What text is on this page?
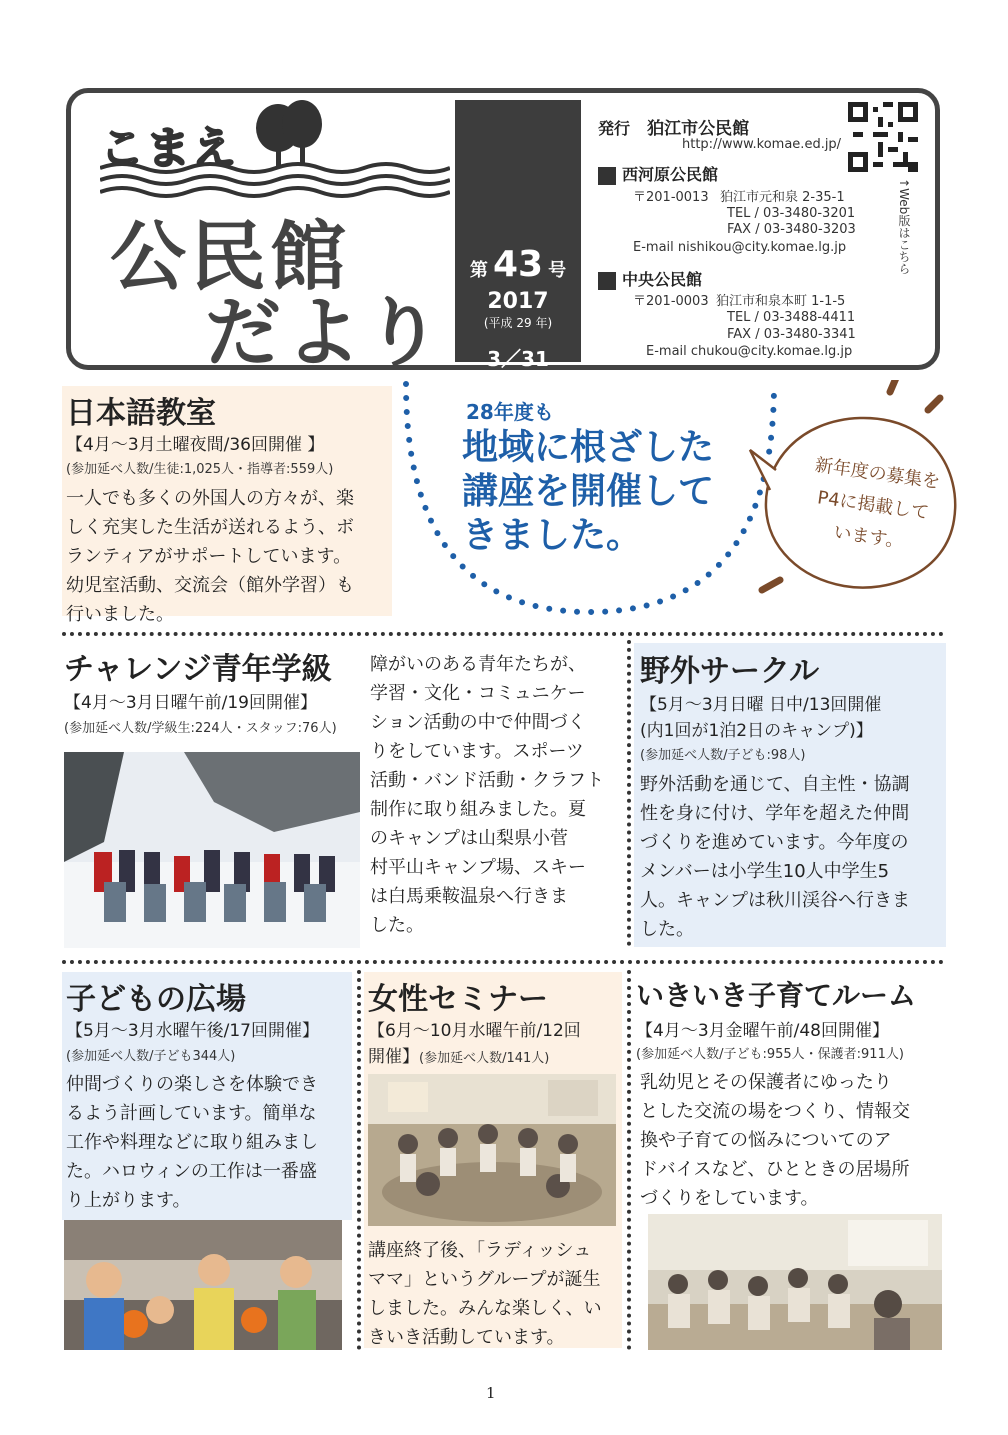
こまえ
公民館
だより
第 43 号
2017
(平成 29 年)
3／31
発行 狛江市公民館
http://www.komae.ed.jp/
西河原公民館
〒201-0013 狛江市元和泉 2-35-1
TEL / 03-3480-3201
FAX / 03-3480-3203
E-mail nishikou@city.komae.lg.jp
中央公民館
〒201-0003 狛江市和泉本町 1-1-5
TEL / 03-3488-4411
FAX / 03-3480-3341
E-mail chukou@city.komae.lg.jp
↑Web版はこちら
日本語教室
【4月～3月土曜夜間/36回開催 】
(参加延べ人数/生徒:1,025人・指導者:559人)
一人でも多くの外国人の方々が、楽
しく充実した生活が送れるよう、ボ
ランティアがサポートしています。
幼児室活動、交流会（館外学習）も
行いました。
28年度も
地域に根ざした
講座を開催して
きました。
新年度の募集を
P4に掲載して
います。
チャレンジ青年学級
【4月～3月日曜午前/19回開催】
(参加延べ人数/学級生:224人・スタッフ:76人)
障がいのある青年たちが、
学習・文化・コミュニケー
ション活動の中で仲間づく
りをしています。スポーツ
活動・バンド活動・クラフト
制作に取り組みました。夏
のキャンプは山梨県小菅
村平山キャンプ場、スキー
は白馬乗鞍温泉へ行きま
した。
野外サークル
【5月～3月日曜 日中/13回開催
(内1回が1泊2日のキャンプ)】
(参加延べ人数/子ども:98人)
野外活動を通じて、自主性・協調
性を身に付け、学年を超えた仲間
づくりを進めています。今年度の
メンバーは小学生10人中学生5
人。キャンプは秋川渓谷へ行きま
した。
子どもの広場
【5月～3月水曜午後/17回開催】
(参加延べ人数/子ども344人)
仲間づくりの楽しさを体験でき
るよう計画しています。簡単な
工作や料理などに取り組みまし
た。ハロウィンの工作は一番盛
り上がります。
女性セミナー
【6月～10月水曜午前/12回
開催】(参加延べ人数/141人)
講座終了後、「ラディッシュ
ママ」というグループが誕生
しました。みんな楽しく、い
きいき活動しています。
いきいき子育てルーム
【4月～3月金曜午前/48回開催】
(参加延べ人数/子ども:955人・保護者:911人)
乳幼児とその保護者にゆったり
とした交流の場をつくり、情報交
換や子育ての悩みについてのア
ドバイスなど、ひとときの居場所
づくりをしています。
1
